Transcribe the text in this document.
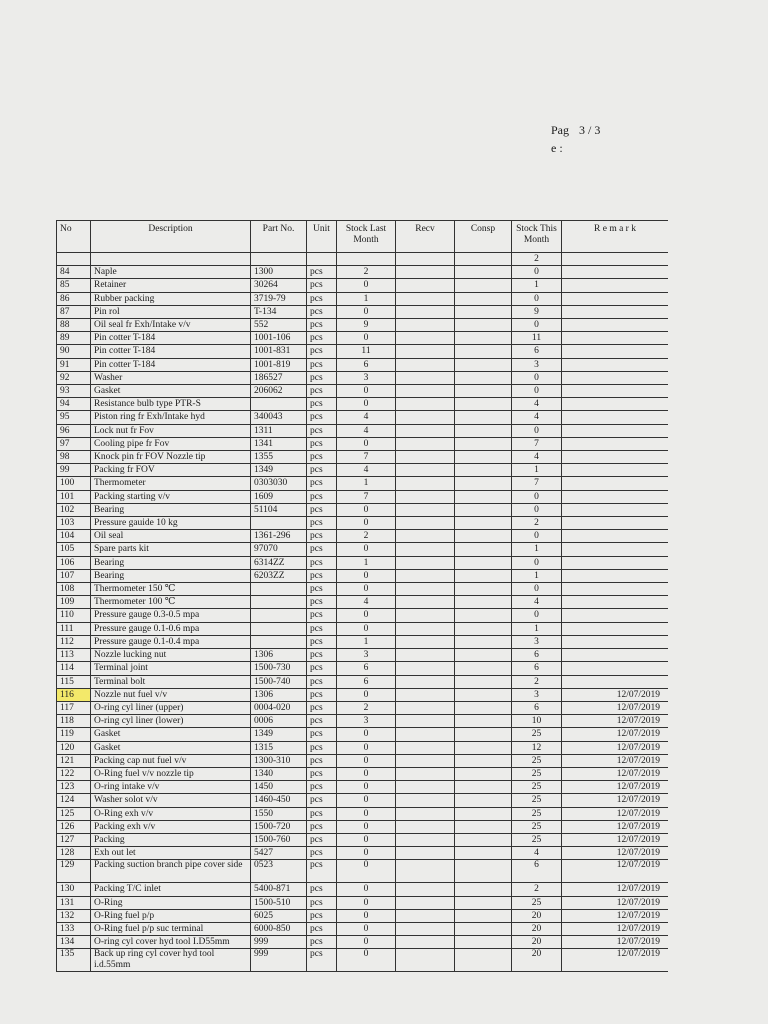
Pag
e :3 / 3
No	Description	Part No.	Unit	Stock Last Month	Recv	Consp	Stock This Month	R e m a r k
							2	
84	Naple	1300	pcs	2			0	
85	Retainer	30264	pcs	0			1	
86	Rubber packing	3719-79	pcs	1			0	
87	Pin rol	T-134	pcs	0			9	
88	Oil seal fr Exh/Intake v/v	552	pcs	9			0	
89	Pin cotter T-184	1001-106	pcs	0			11	
90	Pin cotter T-184	1001-831	pcs	11			6	
91	Pin cotter T-184	1001-819	pcs	6			3	
92	Washer	186527	pcs	3			0	
93	Gasket	206062	pcs	0			0	
94	Resistance bulb type PTR-S		pcs	0			4	
95	Piston ring fr Exh/Intake hyd	340043	pcs	4			4	
96	Lock nut fr Fov	1311	pcs	4			0	
97	Cooling pipe fr Fov	1341	pcs	0			7	
98	Knock pin fr FOV Nozzle tip	1355	pcs	7			4	
99	Packing fr FOV	1349	pcs	4			1	
100	Thermometer	0303030	pcs	1			7	
101	Packing starting v/v	1609	pcs	7			0	
102	Bearing	51104	pcs	0			0	
103	Pressure gauide 10 kg		pcs	0			2	
104	Oil seal	1361-296	pcs	2			0	
105	Spare parts kit	97070	pcs	0			1	
106	Bearing	6314ZZ	pcs	1			0	
107	Bearing	6203ZZ	pcs	0			1	
108	Thermometer 150 ℃		pcs	0			0	
109	Thermometer 100 ℃		pcs	4			4	
110	Pressure gauge 0.3-0.5 mpa		pcs	0			0	
111	Pressure gauge 0.1-0.6 mpa		pcs	0			1	
112	Pressure gauge 0.1-0.4 mpa		pcs	1			3	
113	Nozzle lucking nut	1306	pcs	3			6	
114	Terminal joint	1500-730	pcs	6			6	
115	Terminal bolt	1500-740	pcs	6			2	
116	Nozzle nut fuel v/v	1306	pcs	0			3	12/07/2019
117	O-ring cyl liner (upper)	0004-020	pcs	2			6	12/07/2019
118	O-ring cyl liner (lower)	0006	pcs	3			10	12/07/2019
119	Gasket	1349	pcs	0			25	12/07/2019
120	Gasket	1315	pcs	0			12	12/07/2019
121	Packing cap nut fuel v/v	1300-310	pcs	0			25	12/07/2019
122	O-Ring fuel v/v nozzle tip	1340	pcs	0			25	12/07/2019
123	O-ring intake v/v	1450	pcs	0			25	12/07/2019
124	Washer solot v/v	1460-450	pcs	0			25	12/07/2019
125	O-Ring exh v/v	1550	pcs	0			25	12/07/2019
126	Packing exh v/v	1500-720	pcs	0			25	12/07/2019
127	Packing	1500-760	pcs	0			25	12/07/2019
128	Exh out let	5427	pcs	0			4	12/07/2019
129	Packing suction branch pipe cover side	0523	pcs	0			6	12/07/2019
130	Packing T/C inlet	5400-871	pcs	0			2	12/07/2019
131	O-Ring	1500-510	pcs	0			25	12/07/2019
132	O-Ring fuel p/p	6025	pcs	0			20	12/07/2019
133	O-Ring fuel p/p suc terminal	6000-850	pcs	0			20	12/07/2019
134	O-ring cyl cover hyd tool I.D55mm	999	pcs	0			20	12/07/2019
135	Back up ring cyl cover hyd tool i.d.55mm	999	pcs	0			20	12/07/2019
